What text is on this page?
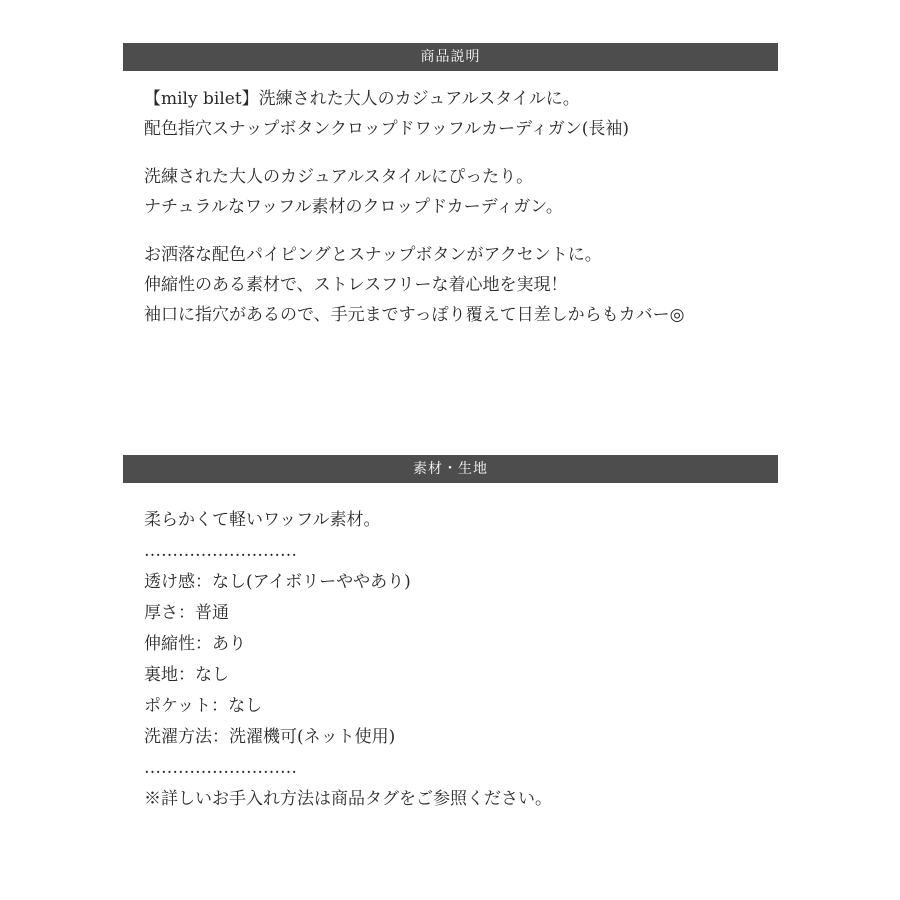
商品説明
【mily bilet】洗練された大人のカジュアルスタイルに。
配色指穴スナップボタンクロップドワッフルカーディガン(長袖)
洗練された大人のカジュアルスタイルにぴったり。
ナチュラルなワッフル素材のクロップドカーディガン。
お洒落な配色パイピングとスナップボタンがアクセントに。
伸縮性のある素材で、ストレスフリーな着心地を実現！
袖口に指穴があるので、手元まですっぽり覆えて日差しからもカバー◎
素材・生地
柔らかくて軽いワッフル素材。
………………………
透け感：なし(アイボリーややあり)
厚さ：普通
伸縮性：あり
裏地：なし
ポケット：なし
洗濯方法：洗濯機可(ネット使用)
………………………
※詳しいお手入れ方法は商品タグをご参照ください。
